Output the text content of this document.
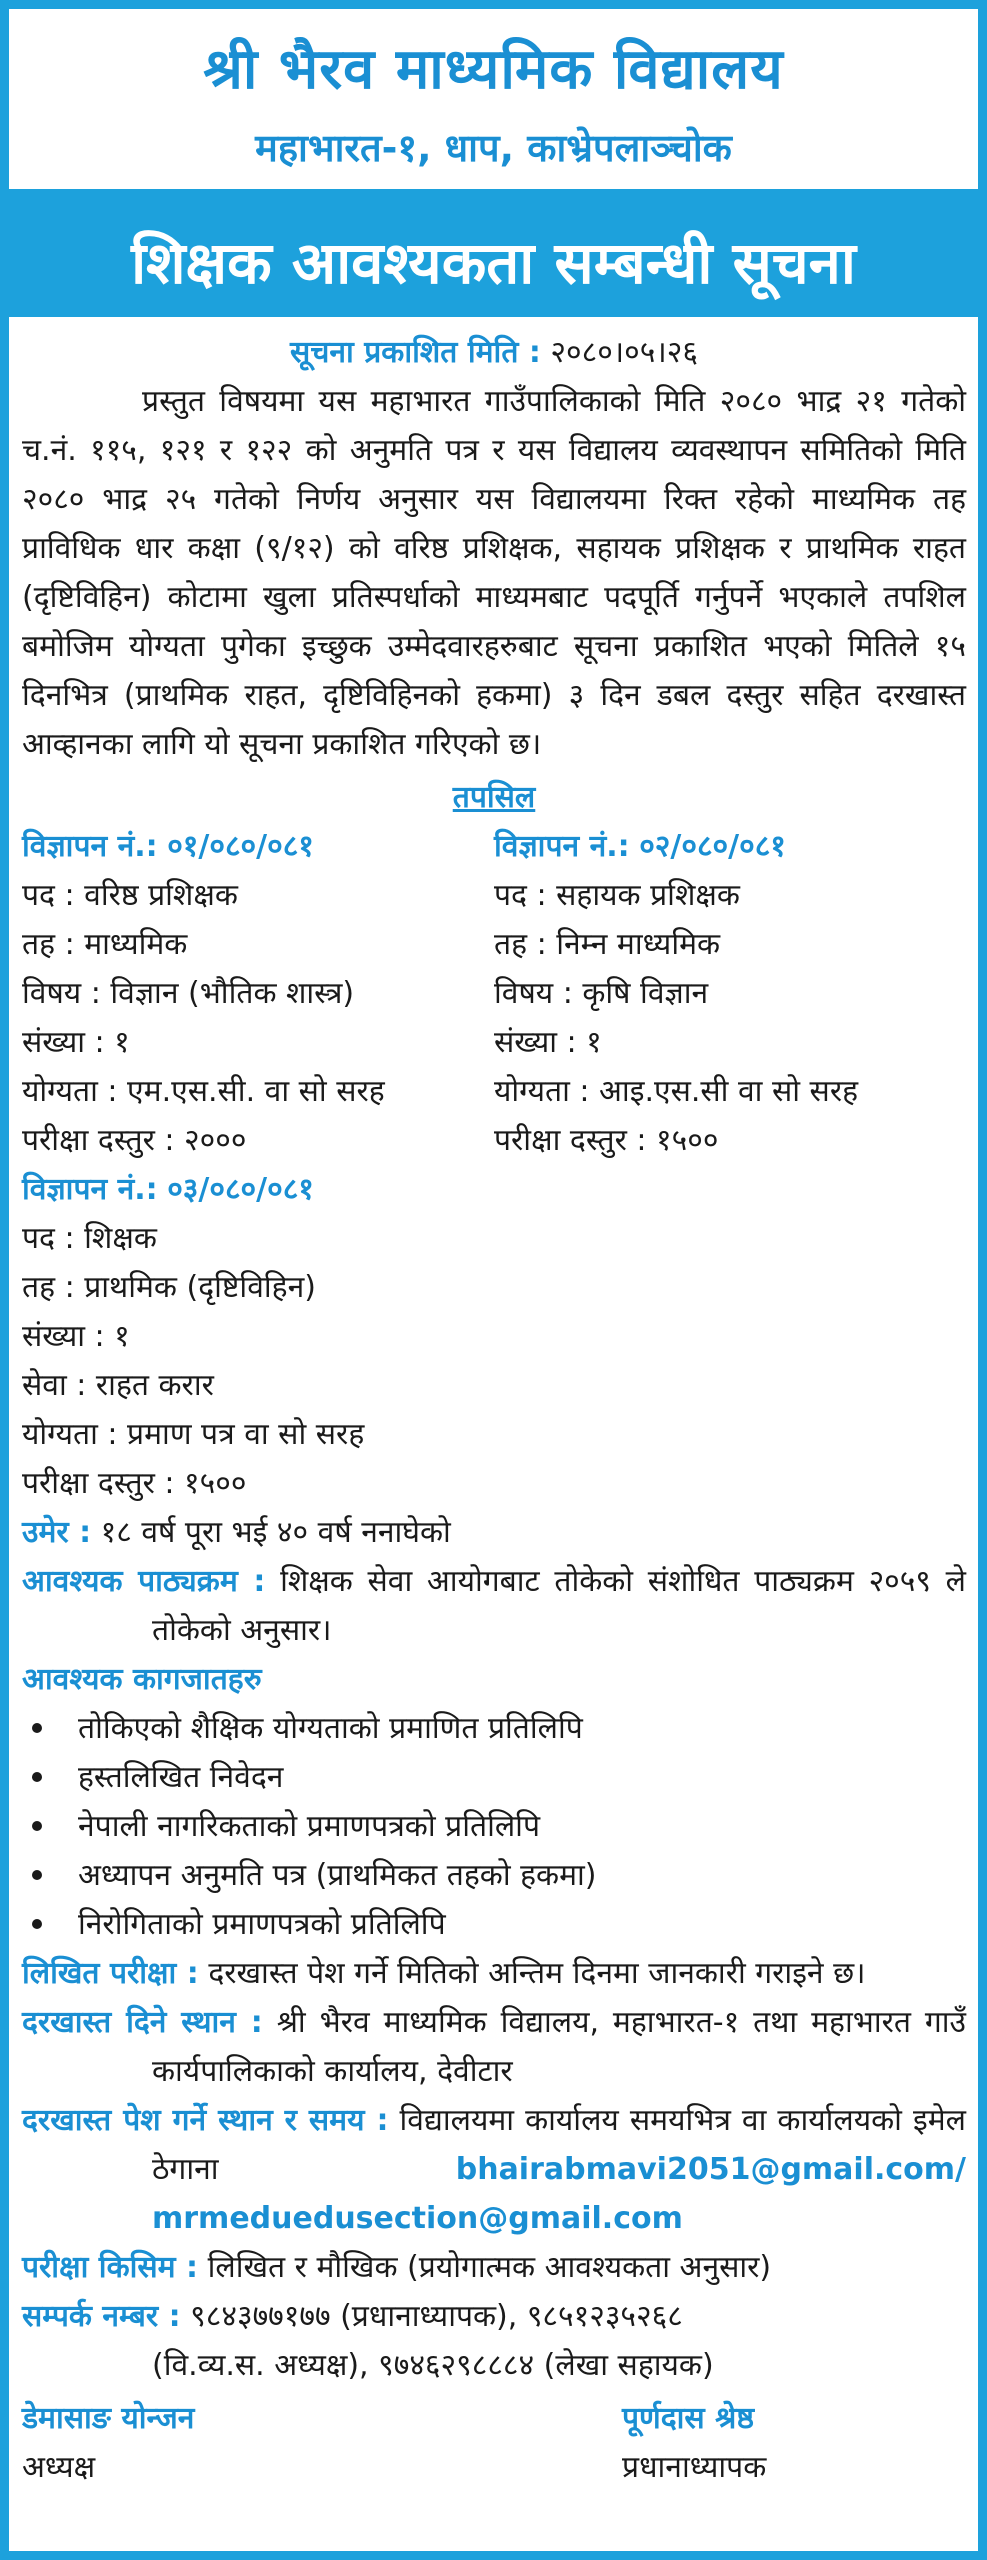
श्री भैरव माध्यमिक विद्यालय
महाभारत-१, धाप, काभ्रेपलाञ्चोक
शिक्षक आवश्यकता सम्बन्धी सूचना
सूचना प्रकाशित मिति : २०८०।०५।२६

प्रस्तुत विषयमा यस महाभारत गाउँपालिकाको मिति २०८० भाद्र २१ गतेको च.नं. ११५, १२१ र १२२ को अनुमति पत्र र यस विद्यालय व्यवस्थापन समितिको मिति २०८० भाद्र २५ गतेको निर्णय अनुसार यस विद्यालयमा रिक्त रहेको माध्यमिक तह प्राविधिक धार कक्षा (९/१२) को वरिष्ठ प्रशिक्षक, सहायक प्रशिक्षक र प्राथमिक राहत (दृष्टिविहिन) कोटामा खुला प्रतिस्पर्धाको माध्यमबाट पदपूर्ति गर्नुपर्ने भएकाले तपशिल बमोजिम योग्यता पुगेका इच्छुक उम्मेदवारहरुबाट सूचना प्रकाशित भएको मितिले १५ दिनभित्र (प्राथमिक राहत, दृष्टिविहिनको हकमा) ३ दिन डबल दस्तुर सहित दरखास्त आव्हानका लागि यो सूचना प्रकाशित गरिएको छ।

तपसिल
विज्ञापन नं.: ०१/०८०/०८१
पद : वरिष्ठ प्रशिक्षक
तह : माध्यमिक
विषय : विज्ञान (भौतिक शास्त्र)
संख्या : १
योग्यता : एम.एस.सी. वा सो सरह
परीक्षा दस्तुर : २०००
विज्ञापन नं.: ०२/०८०/०८१
पद : सहायक प्रशिक्षक
तह : निम्न माध्यमिक
विषय : कृषि विज्ञान
संख्या : १
योग्यता : आइ.एस.सी वा सो सरह
परीक्षा दस्तुर : १५००
विज्ञापन नं.: ०३/०८०/०८१
पद : शिक्षक
तह : प्राथमिक (दृष्टिविहिन)
संख्या : १
सेवा : राहत करार
योग्यता : प्रमाण पत्र वा सो सरह
परीक्षा दस्तुर : १५००
उमेर : १८ वर्ष पूरा भई ४० वर्ष ननाघेको
आवश्यक पाठ्यक्रम : शिक्षक सेवा आयोगबाट तोकेको संशोधित पाठ्यक्रम २०५९ ले तोकेको अनुसार।
आवश्यक कागजातहरु
तोकिएको शैक्षिक योग्यताको प्रमाणित प्रतिलिपि
हस्तलिखित निवेदन
नेपाली नागरिकताको प्रमाणपत्रको प्रतिलिपि
अध्यापन अनुमति पत्र (प्राथमिकत तहको हकमा)
निरोगिताको प्रमाणपत्रको प्रतिलिपि
लिखित परीक्षा : दरखास्त पेश गर्ने मितिको अन्तिम दिनमा जानकारी गराइने छ।
दरखास्त दिने स्थान : श्री भैरव माध्यमिक विद्यालय, महाभारत-१ तथा महाभारत गाउँ कार्यपालिकाको कार्यालय, देवीटार
दरखास्त पेश गर्ने स्थान र समय : विद्यालयमा कार्यालय समयभित्र वा कार्यालयको इमेल ठेगाना	bhairabmavi2051@gmail.com/ mrmeduedusection@gmail.com
परीक्षा किसिम : लिखित र मौखिक (प्रयोगात्मक आवश्यकता अनुसार)
सम्पर्क नम्बर : ९८४३७७१७७ (प्रधानाध्यापक), ९८५१२३५२६८
(वि.व्य.स. अध्यक्ष), ९७४६२९८८८४ (लेखा सहायक)
डेमासाङ योन्जन
अध्यक्ष
पूर्णदास श्रेष्ठ
प्रधानाध्यापक
